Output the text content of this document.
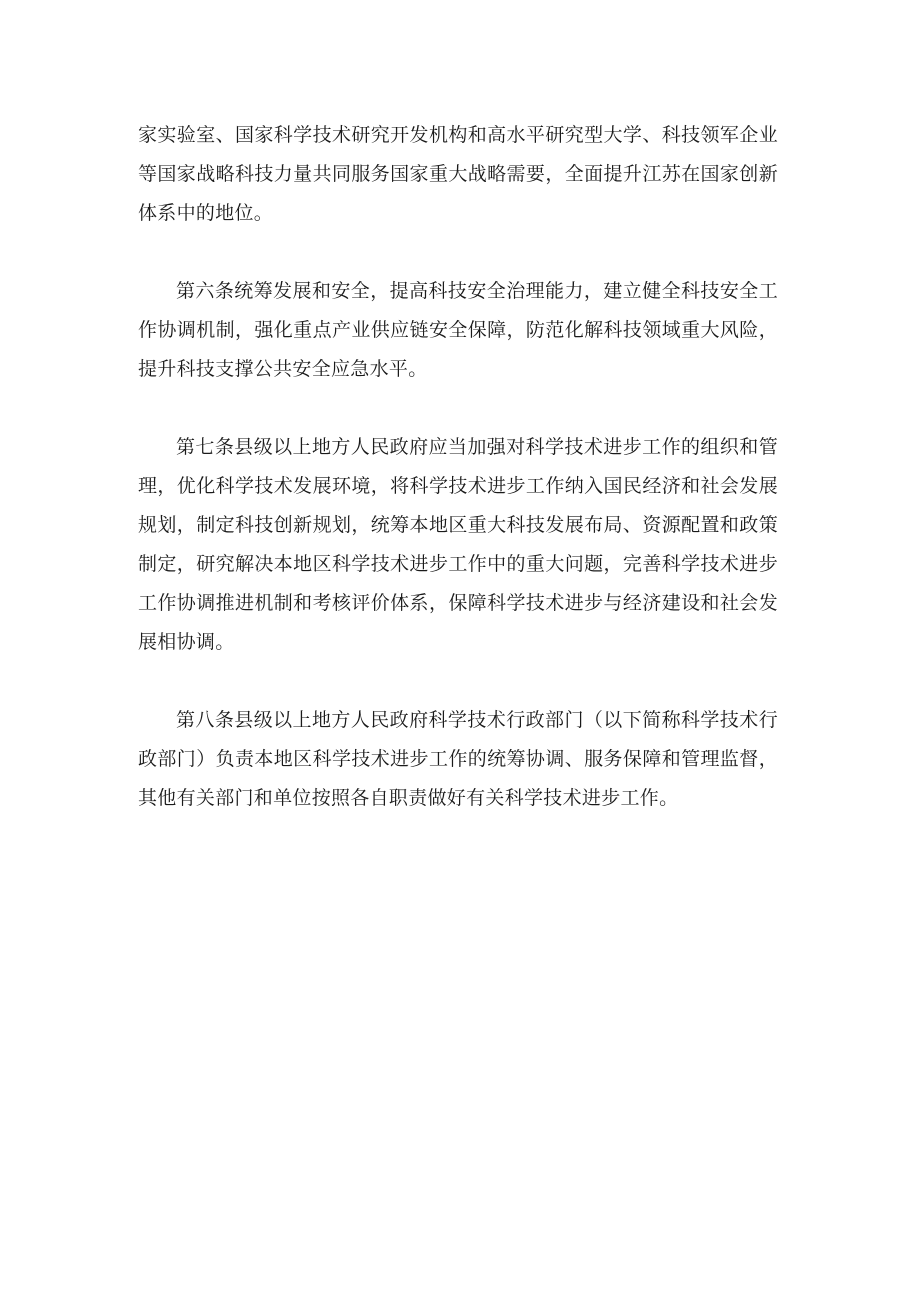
家实验室、国家科学技术研究开发机构和高水平研究型大学、科技领军企业等国家战略科技力量共同服务国家重大战略需要，全面提升江苏在国家创新体系中的地位。

第六条统筹发展和安全，提高科技安全治理能力，建立健全科技安全工作协调机制，强化重点产业供应链安全保障，防范化解科技领域重大风险，提升科技支撑公共安全应急水平。

第七条县级以上地方人民政府应当加强对科学技术进步工作的组织和管理，优化科学技术发展环境，将科学技术进步工作纳入国民经济和社会发展规划，制定科技创新规划，统筹本地区重大科技发展布局、资源配置和政策制定，研究解决本地区科学技术进步工作中的重大问题，完善科学技术进步工作协调推进机制和考核评价体系，保障科学技术进步与经济建设和社会发展相协调。

第八条县级以上地方人民政府科学技术行政部门（以下简称科学技术行政部门）负责本地区科学技术进步工作的统筹协调、服务保障和管理监督，其他有关部门和单位按照各自职责做好有关科学技术进步工作。
